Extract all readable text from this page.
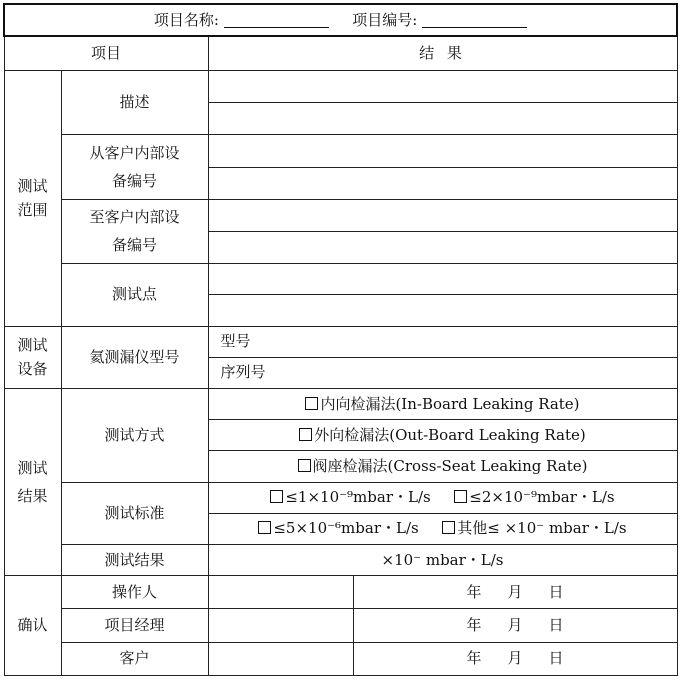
项目名称: 项目编号:			
项目		结 果	
测试范围	描述		

	从客户内部设备编号		

	至客户内部设备编号		

	测试点		

测试设备	氦测漏仪型号	型号	
		序列号	
测试结果	测试方式	内向检漏法(In-Board Leaking Rate)	
		外向检漏法(Out-Board Leaking Rate)	
		阀座检漏法(Cross-Seat Leaking Rate)	
	测试标准	≤1×10⁻⁹mbar・L/s ≤2×10⁻⁹mbar・L/s	
		≤5×10⁻⁶mbar・L/s 其他≤ ×10⁻ mbar・L/s	
	测试结果	×10⁻ mbar・L/s	
确认	操作人		年 月 日
	项目经理		年 月 日
	客户		年 月 日
